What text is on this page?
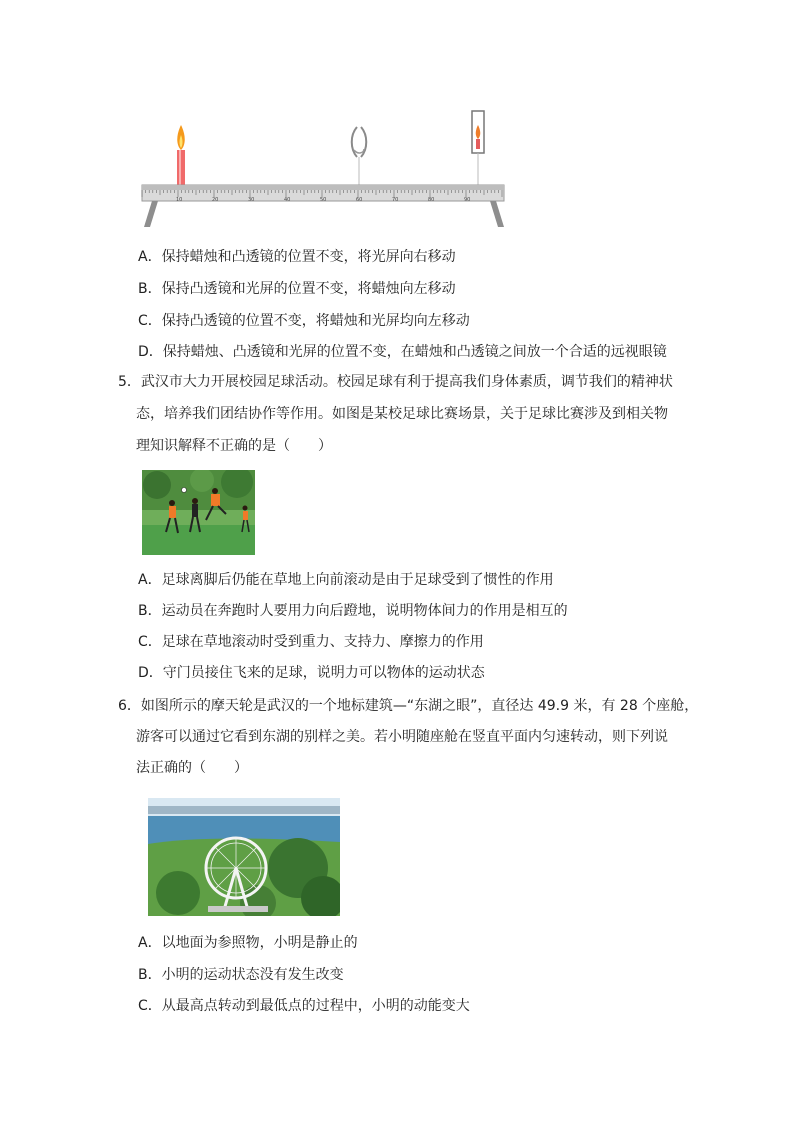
10	20	30	40	50	60	70	80	90
A．保持蜡烛和凸透镜的位置不变，将光屏向右移动
B．保持凸透镜和光屏的位置不变，将蜡烛向左移动
C．保持凸透镜的位置不变，将蜡烛和光屏均向左移动
D．保持蜡烛、凸透镜和光屏的位置不变，在蜡烛和凸透镜之间放一个合适的远视眼镜
5．武汉市大力开展校园足球活动。校园足球有利于提高我们身体素质，调节我们的精神状
态，培养我们团结协作等作用。如图是某校足球比赛场景，关于足球比赛涉及到相关物
理知识解释不正确的是（　　）
A．足球离脚后仍能在草地上向前滚动是由于足球受到了惯性的作用
B．运动员在奔跑时人要用力向后蹬地，说明物体间力的作用是相互的
C．足球在草地滚动时受到重力、支持力、摩擦力的作用
D．守门员接住飞来的足球，说明力可以物体的运动状态
6．如图所示的摩天轮是武汉的一个地标建筑—“东湖之眼”，直径达 49.9 米，有 28 个座舱，
游客可以通过它看到东湖的别样之美。若小明随座舱在竖直平面内匀速转动，则下列说
法正确的（　　）
A．以地面为参照物，小明是静止的
B．小明的运动状态没有发生改变
C．从最高点转动到最低点的过程中，小明的动能变大
